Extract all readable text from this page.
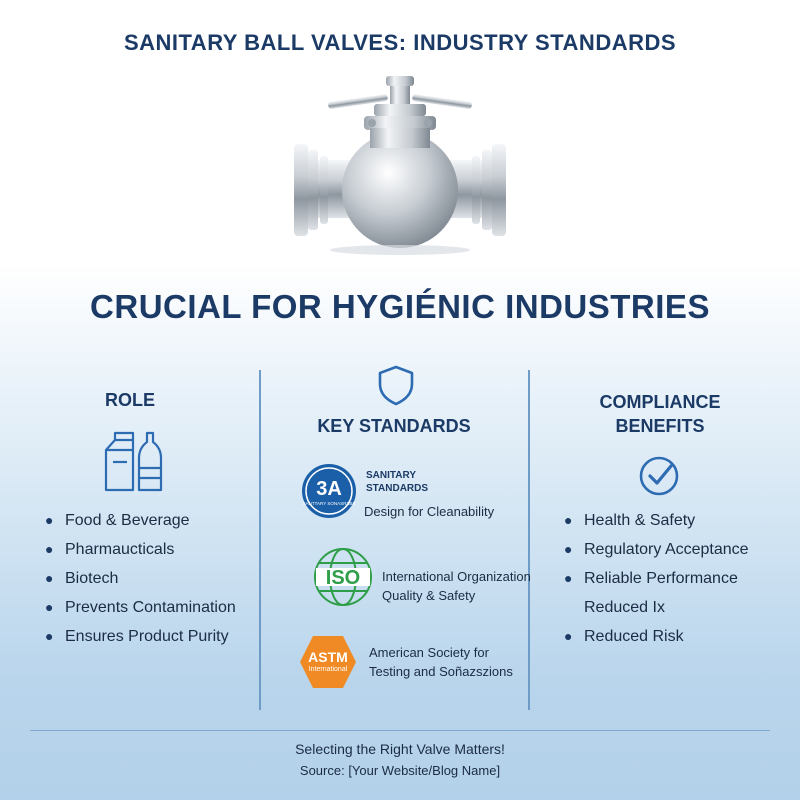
SANITARY BALL VALVES: INDUSTRY STANDARDS
CRUCIAL FOR HYGIÉNIC INDUSTRIES
ROLE
● Food & Beverage
● Pharmaucticals
● Biotech
● Prevents Contamination
● Ensures Product Purity
KEY STANDARDS
3A
SANTTARY SONASRSBS
SANITARY
STANDARDS
Design for Cleanability
ISO International Organization
Quality & Safety
ASTM
International
American Society for
Testing and Soñazszions
COMPLIANCE
BENEFITS
● Health & Safety
● Regulatory Acceptance
● Reliable Performance
Reduced Ix
● Reduced Risk
Selecting the Right Valve Matters!
Source: [Your Website/Blog Name]
